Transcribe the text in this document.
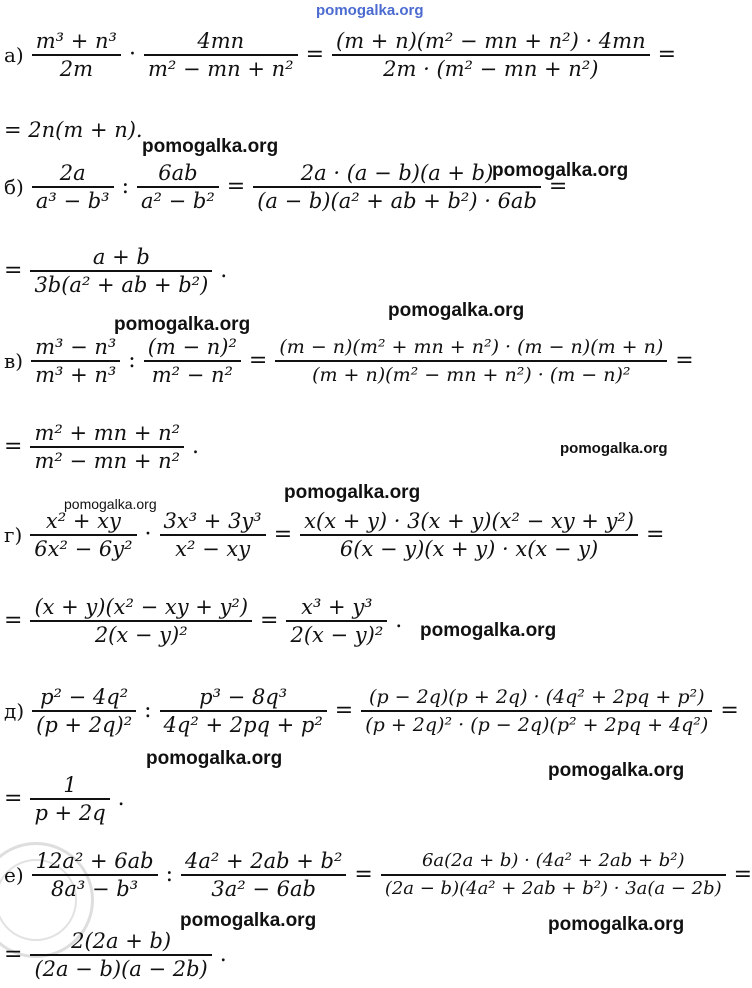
pomogalka.org
$а) \frac{\text{m³ + n³}}{2m} \cdot \frac{4mn}{\text{m² − mn + n²}} = \frac{\text{(m + n)(m² − mn + n²) · 4mn}}{\text{2m · (m² − mn + n²)}}$ =
= 2n(m + n).
pomogalka.org
$б) \frac{2a}{\text{a³ − b³}}$ : $\frac{6ab}{\text{a² − b²}} = \frac{2a \cdot (a - b)(a + b)}{\text{(a − b)(a² + ab + b²) · 6ab}}$ =
pomogalka.org
= $\frac{a + b}{\text{3b(a² + ab + b²)}}$ .
pomogalka.org
pomogalka.org
$в) \frac{\text{m³ − n³}}{\text{m³ + n³}}$ : $\frac{\text{(m − n)²}}{\text{m² − n²}} = \frac{\text{(m − n)(m² + mn + n²) · (m − n)(m + n)}}{\text{(m + n)(m² − mn + n²) · (m − n)²}}$ =
= $\frac{\text{m² + mn + n²}}{\text{m² − mn + n²}}$ .	pomogalka.org
pomogalka.org
pomogalka.org
$г) \frac{\text{x² + xy}}{\text{6x² − 6y²}} \cdot \frac{\text{3x³ + 3y³}}{\text{x² − xy}} = \frac{\text{x(x + y) · 3(x + y)(x² − xy + y²)}}{6(x - y)(x + y) \cdot x(x - y)}$ =
= $\frac{\text{(x + y)(x² − xy + y²)}}{\text{2(x − y)²}} = \frac{\text{x³ + y³}}{\text{2(x − y)²}}$ . pomogalka.org
$д) \frac{\text{p² − 4q²}}{\text{(p + 2q)²}}$ : $\frac{\text{p³ − 8q³}}{\text{4q² + 2pq + p²}} = \frac{\text{(p − 2q)(p + 2q) · (4q² + 2pq + p²)}}{\text{(p + 2q)² · (p − 2q)(p² + 2pq + 4q²)}}$ =
pomogalka.org
pomogalka.org
= $\frac{1}{p + 2q}$ .
$е) \frac{\text{12a² + 6ab}}{\text{8a³ − b³}}$ : $\frac{\text{4a² + 2ab + b²}}{\text{3a² − 6ab}} = \frac{\text{6a(2a + b) · (4a² + 2ab + b²)}}{\text{(2a − b)(4a² + 2ab + b²) · 3a(a − 2b)}}$ =
pomogalka.org	pomogalka.org
= $\frac{2(2a + b)}{(2a - b)(a - 2b)}$ .
